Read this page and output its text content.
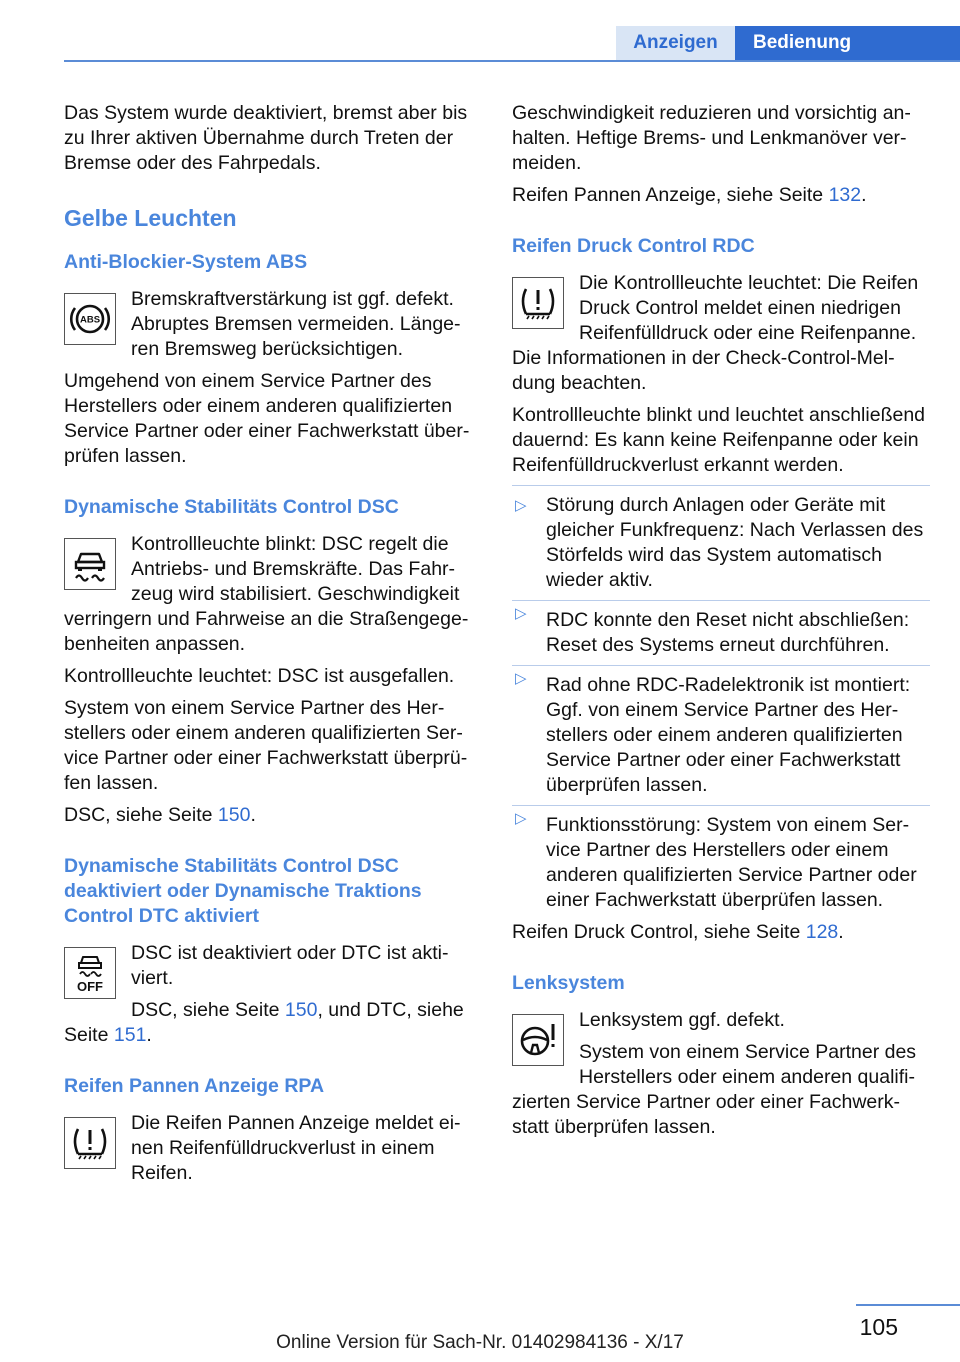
Anzeigen	Bedienung

Das System wurde deaktiviert, bremst aber bis zu Ihrer aktiven Übernahme durch Treten der Bremse oder des Fahrpedals.

Gelbe Leuchten
Anti-Blockier-System ABS
ABS

Bremskraftverstärkung ist ggf. defekt. Abruptes Bremsen vermeiden. Längeren Bremsweg berücksichtigen.

Umgehend von einem Service Partner des Herstellers oder einem anderen qualifizierten Service Partner oder einer Fachwerkstatt überprüfen lassen.

Dynamische Stabilitäts Control DSC

Kontrollleuchte blinkt: DSC regelt die Antriebs- und Bremskräfte. Das Fahrzeug wird stabilisiert. Geschwindigkeit verringern und Fahrweise an die Straßengegebenheiten anpassen.

Kontrollleuchte leuchtet: DSC ist ausgefallen.

System von einem Service Partner des Herstellers oder einem anderen qualifizierten Service Partner oder einer Fachwerkstatt überprüfen lassen.

DSC, siehe Seite 150.

Dynamische Stabilitäts Control DSC deaktiviert oder Dynamische Traktions Control DTC aktiviert
OFF

DSC ist deaktiviert oder DTC ist aktiviert.

DSC, siehe Seite 150, und DTC, siehe Seite 151.

Reifen Pannen Anzeige RPA

Die Reifen Pannen Anzeige meldet einen Reifenfülldruckverlust in einem Reifen.

Geschwindigkeit reduzieren und vorsichtig anhalten. Heftige Brems- und Lenkmanöver vermeiden.

Reifen Pannen Anzeige, siehe Seite 132.

Reifen Druck Control RDC

Die Kontrollleuchte leuchtet: Die Reifen Druck Control meldet einen niedrigen Reifenfülldruck oder eine Reifenpanne. Die Informationen in der Check-Control-Meldung beachten.

Kontrollleuchte blinkt und leuchtet anschließend dauernd: Es kann keine Reifenpanne oder kein Reifenfülldruckverlust erkannt werden.

▷ Störung durch Anlagen oder Geräte mit gleicher Funkfrequenz: Nach Verlassen des Störfelds wird das System automatisch wieder aktiv.
▷ RDC konnte den Reset nicht abschließen: Reset des Systems erneut durchführen.
▷ Rad ohne RDC-Radelektronik ist montiert: Ggf. von einem Service Partner des Herstellers oder einem anderen qualifizierten Service Partner oder einer Fachwerkstatt überprüfen lassen.
▷ Funktionsstörung: System von einem Service Partner des Herstellers oder einem anderen qualifizierten Service Partner oder einer Fachwerkstatt überprüfen lassen.

Reifen Druck Control, siehe Seite 128.

Lenksystem

Lenksystem ggf. defekt.

System von einem Service Partner des Herstellers oder einem anderen qualifizierten Service Partner oder einer Fachwerkstatt überprüfen lassen.

105
Online Version für Sach-Nr. 01402984136 - X/17
